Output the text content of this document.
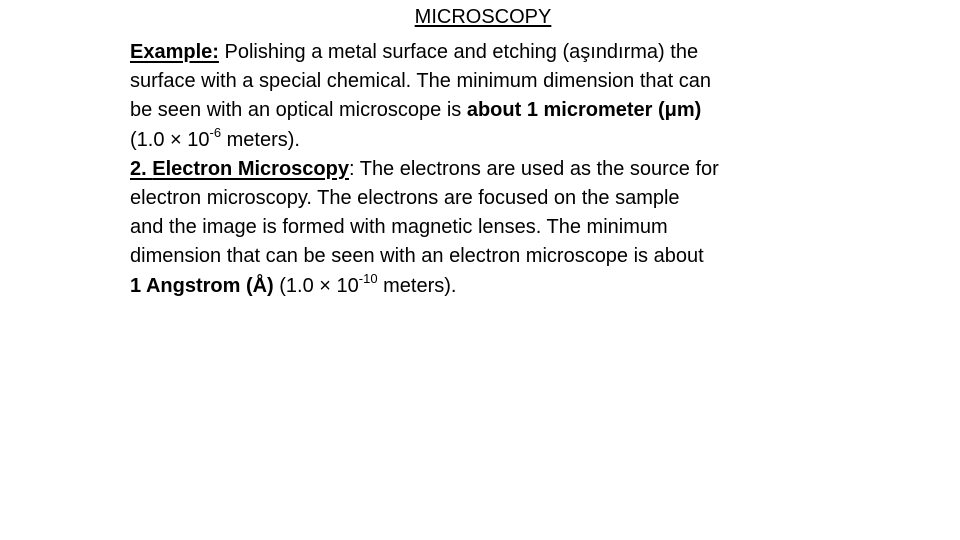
MICROSCOPY
Example: Polishing a metal surface and etching (aşındırma) the
surface with a special chemical. The minimum dimension that can
be seen with an optical microscope is about 1 micrometer (μm)
($1.0 \times 10^{-6}$ meters).
2. Electron Microscopy: The electrons are used as the source for
electron microscopy. The electrons are focused on the sample
and the image is formed with magnetic lenses. The minimum
dimension that can be seen with an electron microscope is about
1 Angstrom (Å) ($1.0 \times 10^{-10}$ meters).
